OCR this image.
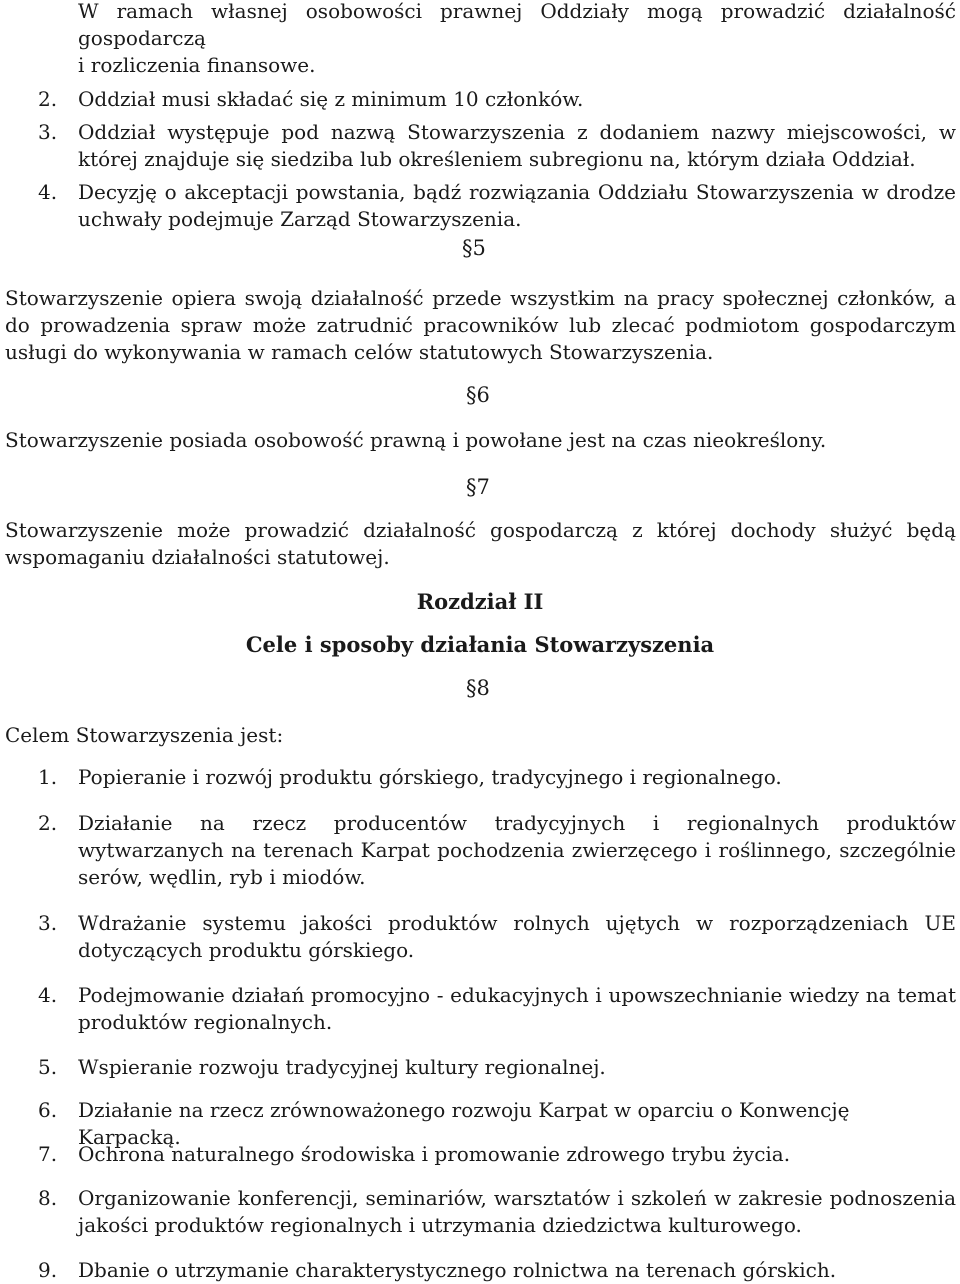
W ramach własnej osobowości prawnej Oddziały mogą prowadzić działalność
gospodarczą
i rozliczenia finansowe.
2. Oddział musi składać się z minimum 10 członków.
3. Oddział występuje pod nazwą Stowarzyszenia z dodaniem nazwy miejscowości, w której znajduje się siedziba lub określeniem subregionu na, którym działa Oddział.
4. Decyzję o akceptacji powstania, bądź rozwiązania Oddziału Stowarzyszenia w drodze uchwały podejmuje Zarząd Stowarzyszenia.
§5
Stowarzyszenie opiera swoją działalność przede wszystkim na pracy społecznej członków, a do prowadzenia spraw może zatrudnić pracowników lub zlecać podmiotom gospodarczym usługi do wykonywania w ramach celów statutowych Stowarzyszenia.
§6
Stowarzyszenie posiada osobowość prawną i powołane jest na czas nieokreślony.
§7
Stowarzyszenie może prowadzić działalność gospodarczą z której dochody służyć będą wspomaganiu działalności statutowej.
Rozdział II
Cele i sposoby działania Stowarzyszenia
§8
Celem Stowarzyszenia jest:
1. Popieranie i rozwój produktu górskiego, tradycyjnego i regionalnego.
2. Działanie na rzecz producentów tradycyjnych i regionalnych produktów wytwarzanych na terenach Karpat pochodzenia zwierzęcego i roślinnego, szczególnie serów, wędlin, ryb i miodów.
3. Wdrażanie systemu jakości produktów rolnych ujętych w rozporządzeniach UE dotyczących produktu górskiego.
4. Podejmowanie działań promocyjno - edukacyjnych i upowszechnianie wiedzy na temat produktów regionalnych.
5. Wspieranie rozwoju tradycyjnej kultury regionalnej.
6. Działanie na rzecz zrównoważonego rozwoju Karpat w oparciu o Konwencję Karpacką.
7. Ochrona naturalnego środowiska i promowanie zdrowego trybu życia.
8. Organizowanie konferencji, seminariów, warsztatów i szkoleń w zakresie podnoszenia jakości produktów regionalnych i utrzymania dziedzictwa kulturowego.
9. Dbanie o utrzymanie charakterystycznego rolnictwa na terenach górskich.
